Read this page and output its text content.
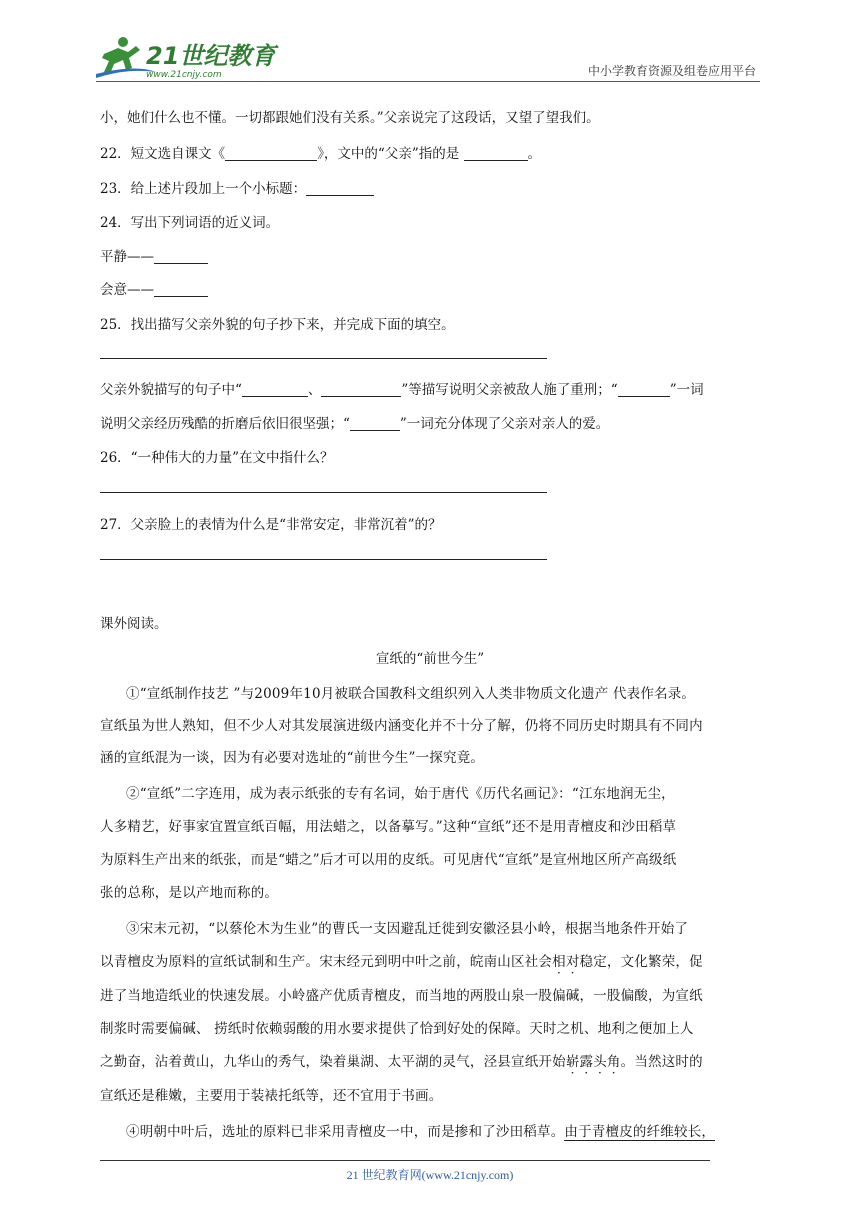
21世纪教育
www.21cnjy.com	中小学教育资源及组卷应用平台
小，她们什么也不懂。一切都跟她们没有关系。”父亲说完了这段话，又望了望我们。
22．短文选自课文《	》，文中的“父亲”指的是	。
23．给上述片段加上一个小标题：
24．写出下列词语的近义词。
平静——
会意——
25．找出描写父亲外貌的句子抄下来，并完成下面的填空。
父亲外貌描写的句子中“	、	”等描写说明父亲被敌人施了重刑；“	”一词
说明父亲经历残酷的折磨后依旧很坚强；“	”一词充分体现了父亲对亲人的爱。
26．“一种伟大的力量”在文中指什么？
27．父亲脸上的表情为什么是“非常安定，非常沉着”的？
课外阅读。
宣纸的“前世今生”
①“宣纸制作技艺 ”与2009年10月被联合国教科文组织列入人类非物质文化遗产 代表作名录。
宣纸虽为世人熟知，但不少人对其发展演进级内涵变化并不十分了解，仍将不同历史时期具有不同内
涵的宣纸混为一谈，因为有必要对选址的“前世今生”一探究竟。
②“宣纸”二字连用，成为表示纸张的专有名词，始于唐代《历代名画记》：“江东地润无尘，
人多精艺，好事家宜置宣纸百幅，用法蜡之，以备摹写。”这种“宣纸”还不是用青檀皮和沙田稻草
为原料生产出来的纸张，而是“蜡之”后才可以用的皮纸。可见唐代“宣纸”是宣州地区所产高级纸
张的总称，是以产地而称的。
③宋末元初，“以蔡伦木为生业”的曹氏一支因避乱迁徙到安徽泾县小岭，根据当地条件开始了
以青檀皮为原料的宣纸试制和生产。宋末经元到明中叶之前，皖南山区社会相对稳定，文化繁荣，促
进了当地造纸业的快速发展。小岭盛产优质青檀皮，而当地的两股山泉一股偏碱，一股偏酸，为宣纸
制浆时需要偏碱、 捞纸时依赖弱酸的用水要求提供了恰到好处的保障。天时之机、地利之便加上人
之勤奋，沾着黄山，九华山的秀气，染着巢湖、太平湖的灵气，泾县宣纸开始崭露头角。当然这时的
宣纸还是稚嫩，主要用于装裱托纸等，还不宜用于书画。
④明朝中叶后，选址的原料已非采用青檀皮一中，而是掺和了沙田稻草。由于青檀皮的纤维较长，
21 世纪教育网(www.21cnjy.com)
